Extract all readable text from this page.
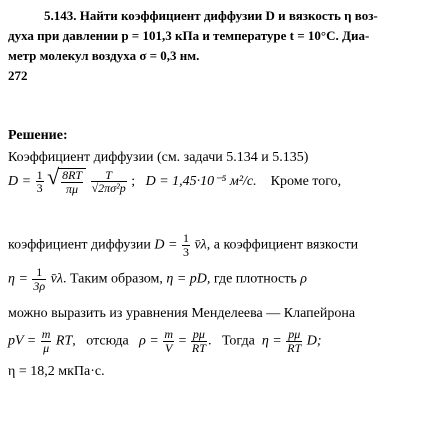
5.143. Найти коэффициент диффузии D и вязкость η воз-
духа при давлении p = 101,3 кПа и температуре t = 10°C. Диа-
метр молекул воздуха σ = 0,3 нм.
272
Решение:
Коэффициент диффузии (см. задачи 5.134 и 5.135)
$D = \frac{1}{3}$

√ $\frac{8RT}{\pi\mu}$
$\frac{T}{\text{√2πσ²p}}$ ;   D = 1,45·10⁻⁵ м²/с. Кроме того,
коэффициент диффузии $D = \frac{1}{3}$ v̄λ, а коэффициент вязкости
$\eta = \frac{1}{3\rho}$ v̄λ. Таким образом, η = pD, где плотность ρ
можно выразить из уравнения Менделеева — Клапейрона
pV = $\frac{m}{\mu}$ RT,   отсюда $\rho = \frac{m}{V} = \frac{p\mu}{RT}$ .   Тогда $\eta = \frac{p\mu}{RT} D$;
η = 18,2 мкПа·с.
